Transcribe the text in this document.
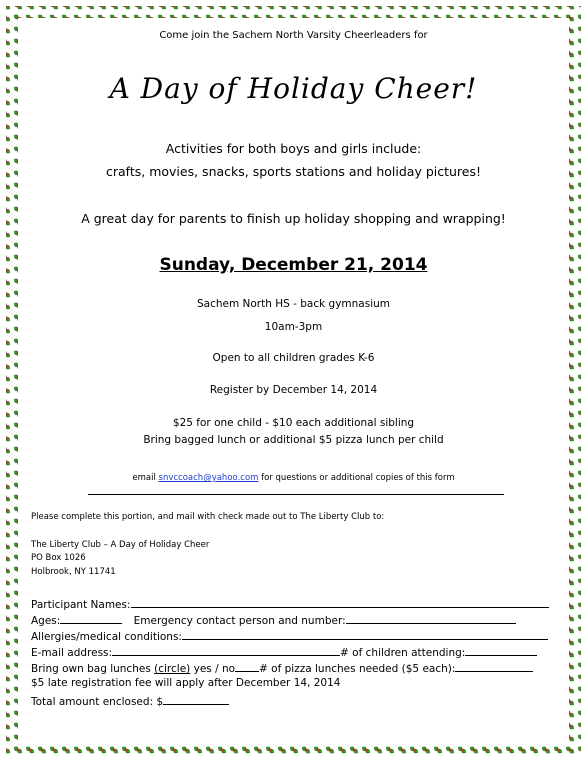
Come join the Sachem North Varsity Cheerleaders for
A Day of Holiday Cheer!
Activities for both boys and girls include:
crafts, movies, snacks, sports stations and holiday pictures!
A great day for parents to finish up holiday shopping and wrapping!
Sunday, December 21, 2014
Sachem North HS - back gymnasium
10am-3pm
Open to all children grades K-6
Register by December 14, 2014
$25 for one child - $10 each additional sibling
Bring bagged lunch or additional $5 pizza lunch per child
email snvccoach@yahoo.com for questions or additional copies of this form
Please complete this portion, and mail with check made out to The Liberty Club to:
The Liberty Club – A Day of Holiday Cheer
PO Box 1026
Holbrook, NY 11741
Participant Names:
Ages:	Emergency contact person and number:
Allergies/medical conditions:
E-mail address:	# of children attending:
Bring own bag lunches (circle) yes / no # of pizza lunches needed ($5 each):
$5 late registration fee will apply after December 14, 2014
Total amount enclosed: $
